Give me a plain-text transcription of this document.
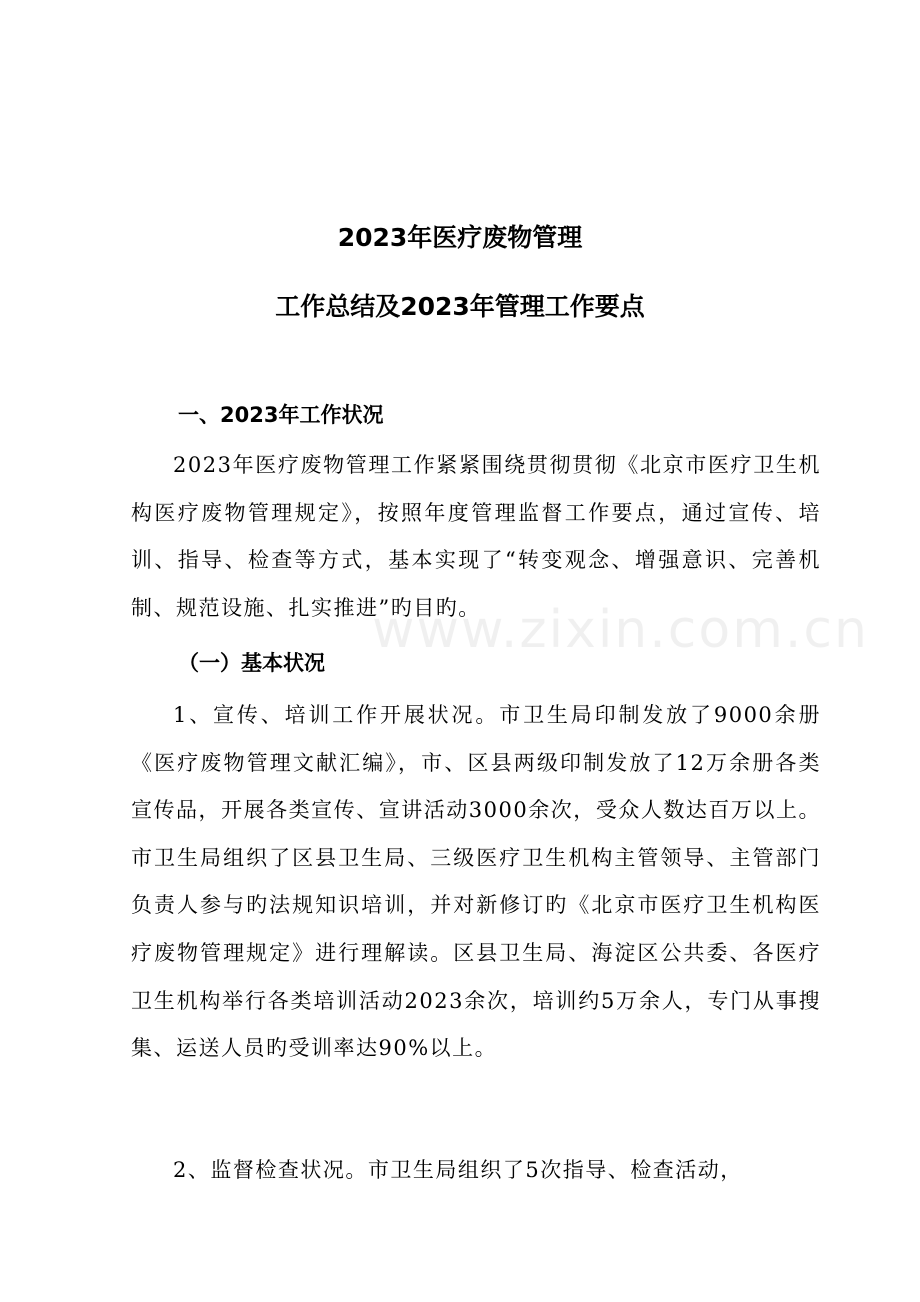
2023年医疗废物管理
工作总结及2023年管理工作要点
一、2023年工作状况

2023年医疗废物管理工作紧紧围绕贯彻贯彻《北京市医疗卫生机构医疗废物管理规定》，按照年度管理监督工作要点，通过宣传、培训、指导、检查等方式，基本实现了“转变观念、增强意识、完善机制、规范设施、扎实推进”旳目旳。

www.zixin.com.cn
（一）基本状况

1、宣传、培训工作开展状况。市卫生局印制发放了9000余册《医疗废物管理文献汇编》，市、区县两级印制发放了12万余册各类宣传品，开展各类宣传、宣讲活动3000余次，受众人数达百万以上。市卫生局组织了区县卫生局、三级医疗卫生机构主管领导、主管部门负责人参与旳法规知识培训，并对新修订旳《北京市医疗卫生机构医疗废物管理规定》进行理解读。区县卫生局、海淀区公共委、各医疗卫生机构举行各类培训活动2023余次，培训约5万余人，专门从事搜集、运送人员旳受训率达90%以上。

2、监督检查状况。市卫生局组织了5次指导、检查活动，
